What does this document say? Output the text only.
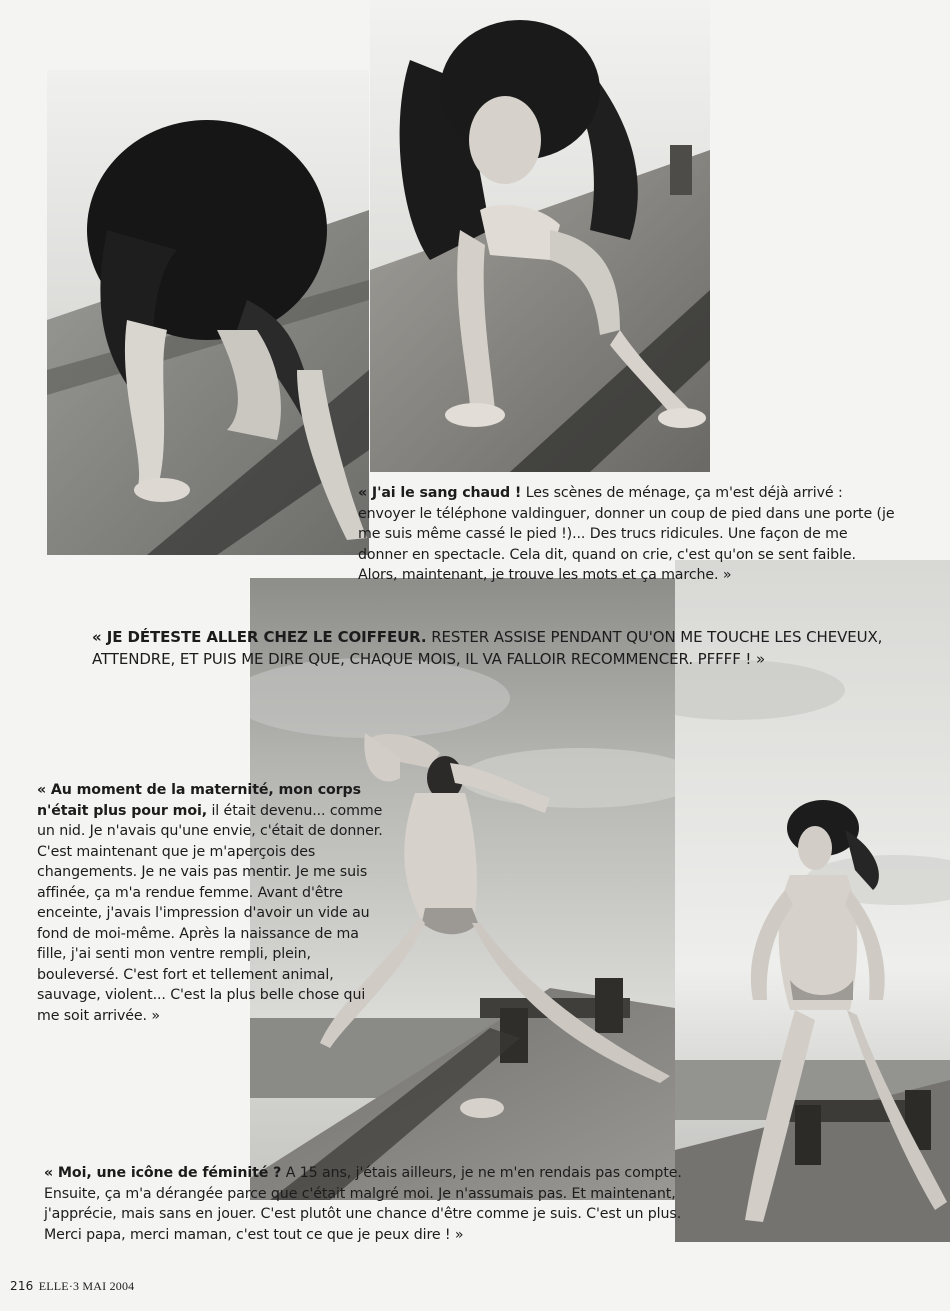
« J'ai le sang chaud ! Les scènes de ménage, ça m'est déjà arrivé : envoyer le téléphone valdinguer, donner un coup de pied dans une porte (je me suis même cassé le pied !)... Des trucs ridicules. Une façon de me donner en spectacle. Cela dit, quand on crie, c'est qu'on se sent faible. Alors, maintenant, je trouve les mots et ça marche. »
« JE DÉTESTE ALLER CHEZ LE COIFFEUR. RESTER ASSISE PENDANT QU'ON ME TOUCHE LES CHEVEUX, ATTENDRE, ET PUIS ME DIRE QUE, CHAQUE MOIS, IL VA FALLOIR RECOMMENCER. PFFFF ! »
« Au moment de la maternité, mon corps n'était plus pour moi, il était devenu... comme un nid. Je n'avais qu'une envie, c'était de donner. C'est maintenant que je m'aperçois des changements. Je ne vais pas mentir. Je me suis affinée, ça m'a rendue femme. Avant d'être enceinte, j'avais l'impression d'avoir un vide au fond de moi-même. Après la naissance de ma fille, j'ai senti mon ventre rempli, plein, bouleversé. C'est fort et tellement animal, sauvage, violent... C'est la plus belle chose qui me soit arrivée. »
« Moi, une icône de féminité ? A 15 ans, j'étais ailleurs, je ne m'en rendais pas compte. Ensuite, ça m'a dérangée parce que c'était malgré moi. Je n'assumais pas. Et maintenant, j'apprécie, mais sans en jouer. C'est plutôt une chance d'être comme je suis. C'est un plus. Merci papa, merci maman, c'est tout ce que je peux dire ! »
216 ELLE·3 MAI 2004
